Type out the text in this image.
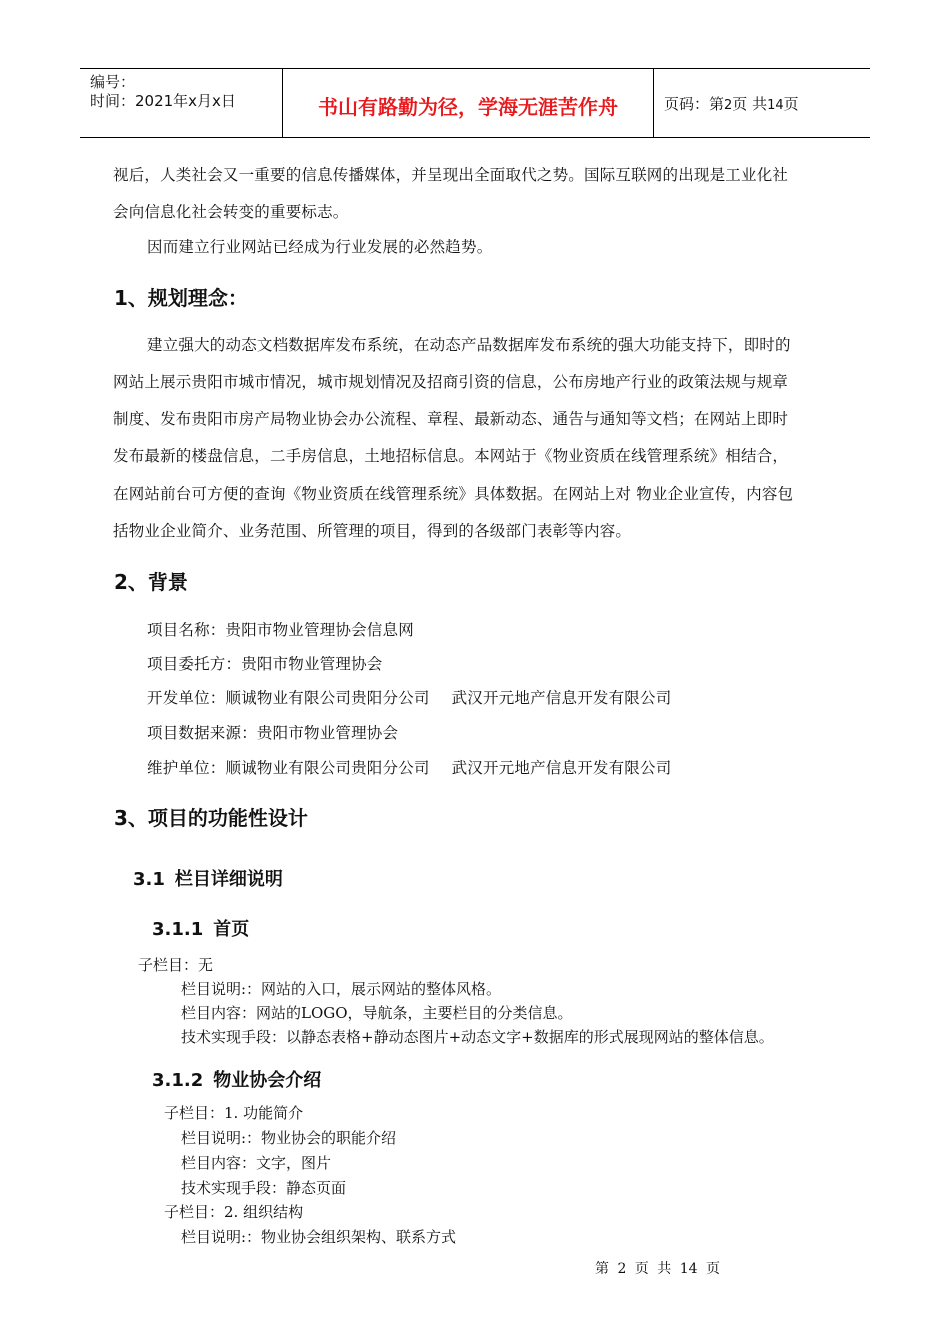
编号：
时间：2021年x月x日	书山有路勤为径，学海无涯苦作舟	页码：第2页 共14页
视后，人类社会又一重要的信息传播媒体，并呈现出全面取代之势。国际互联网的出现是工业化社
会向信息化社会转变的重要标志。
因而建立行业网站已经成为行业发展的必然趋势。
1、规划理念：
建立强大的动态文档数据库发布系统，在动态产品数据库发布系统的强大功能支持下，即时的
网站上展示贵阳市城市情况，城市规划情况及招商引资的信息，公布房地产行业的政策法规与规章
制度、发布贵阳市房产局物业协会办公流程、章程、最新动态、通告与通知等文档；在网站上即时
发布最新的楼盘信息，二手房信息，土地招标信息。本网站于《物业资质在线管理系统》相结合，
在网站前台可方便的查询《物业资质在线管理系统》具体数据。在网站上对 物业企业宣传，内容包
括物业企业简介、业务范围、所管理的项目，得到的各级部门表彰等内容。
2、背景
项目名称：贵阳市物业管理协会信息网
项目委托方：贵阳市物业管理协会
开发单位：顺诚物业有限公司贵阳分公司 武汉开元地产信息开发有限公司
项目数据来源：贵阳市物业管理协会
维护单位：顺诚物业有限公司贵阳分公司 武汉开元地产信息开发有限公司
3、项目的功能性设计
3.1 栏目详细说明
3.1.1 首页
子栏目：无
栏目说明:：网站的入口，展示网站的整体风格。
栏目内容：网站的LOGO，导航条，主要栏目的分类信息。
技术实现手段：以静态表格+静动态图片+动态文字+数据库的形式展现网站的整体信息。
3.1.2 物业协会介绍
子栏目：1. 功能简介
栏目说明:：物业协会的职能介绍
栏目内容：文字，图片
技术实现手段：静态页面
子栏目：2. 组织结构
栏目说明:：物业协会组织架构、联系方式
第 2 页 共 14 页
